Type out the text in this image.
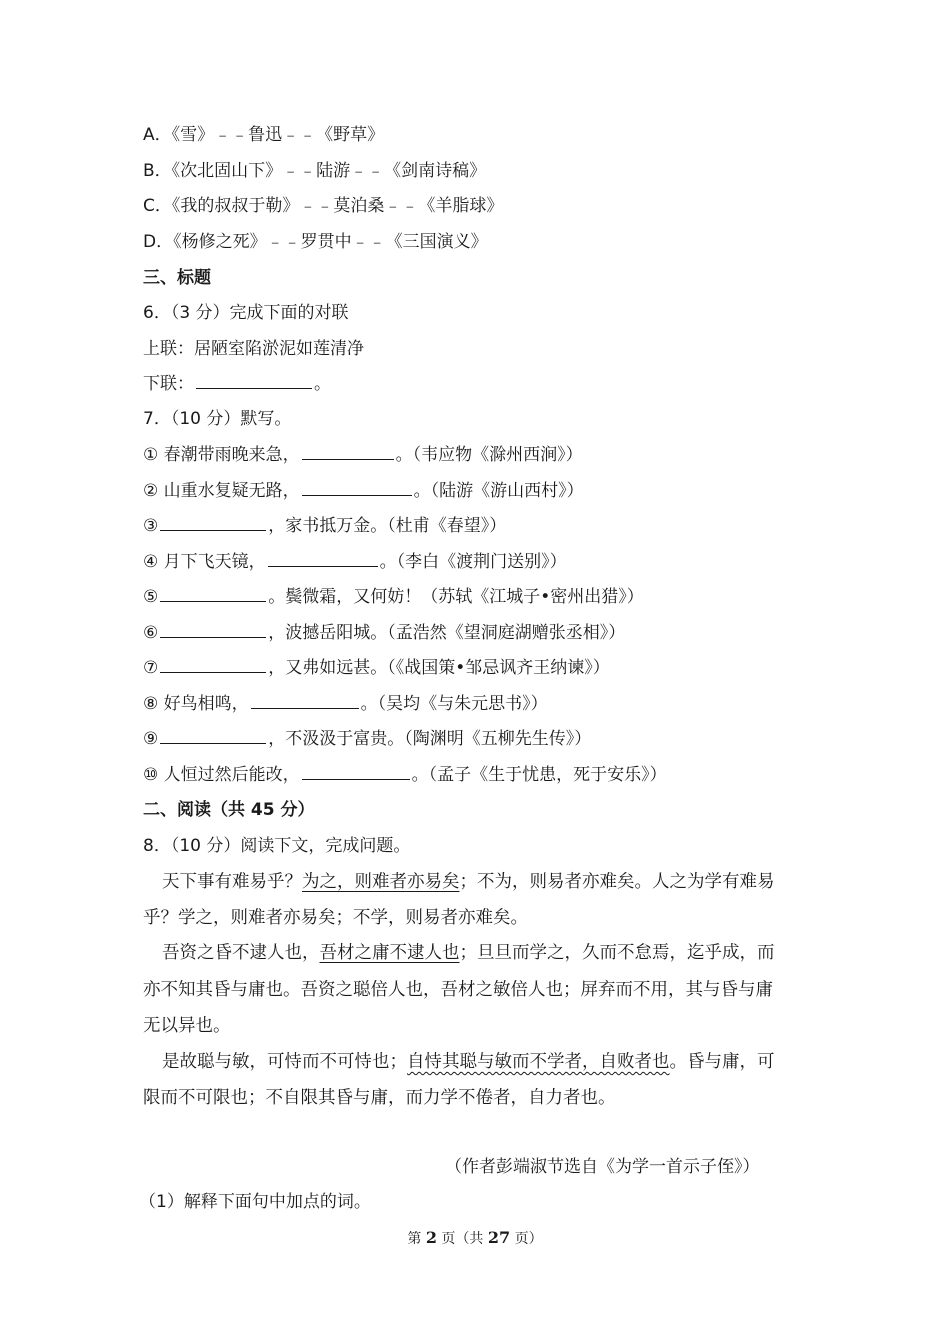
A．《雪》﹣﹣鲁迅﹣﹣《野草》
B．《次北固山下》﹣﹣陆游﹣﹣《剑南诗稿》
C．《我的叔叔于勒》﹣﹣莫泊桑﹣﹣《羊脂球》
D．《杨修之死》﹣﹣罗贯中﹣﹣《三国演义》
三、标题
6．（3 分）完成下面的对联
上联：居陋室陷淤泥如莲清净
下联：	。
7．（10 分）默写。
① 春潮带雨晚来急，	。（韦应物《滁州西涧》）
② 山重水复疑无路，	。（陆游《游山西村》）
③	，家书抵万金。（杜甫《春望》）
④ 月下飞天镜，	。（李白《渡荆门送别》）
⑤	。鬓微霜，又何妨！（苏轼《江城子•密州出猎》）
⑥	，波撼岳阳城。（孟浩然《望洞庭湖赠张丞相》）
⑦	，又弗如远甚。（《战国策•邹忌讽齐王纳谏》）
⑧ 好鸟相鸣，	。（吴均《与朱元思书》）
⑨	，不汲汲于富贵。（陶渊明《五柳先生传》）
⑩ 人恒过然后能改，	。（孟子《生于忧患，死于安乐》）
二、阅读（共 45 分）
8．（10 分）阅读下文，完成问题。
天下事有难易乎？为之，则难者亦易矣；不为，则易者亦难矣。人之为学有难易
乎？学之，则难者亦易矣；不学，则易者亦难矣。
吾资之昏不逮人也，吾材之庸不逮人也；旦旦而学之，久而不怠焉，迄乎成，而
亦不知其昏与庸也。吾资之聪倍人也，吾材之敏倍人也；屏弃而不用，其与昏与庸
无以异也。
是故聪与敏，可恃而不可恃也；自恃其聪与敏而不学者，自败者也。昏与庸，可
限而不可限也；不自限其昏与庸，而力学不倦者，自力者也。
（作者彭端淑节选自《为学一首示子侄》）
（1）解释下面句中加点的词。
第 2 页（共 27 页）
